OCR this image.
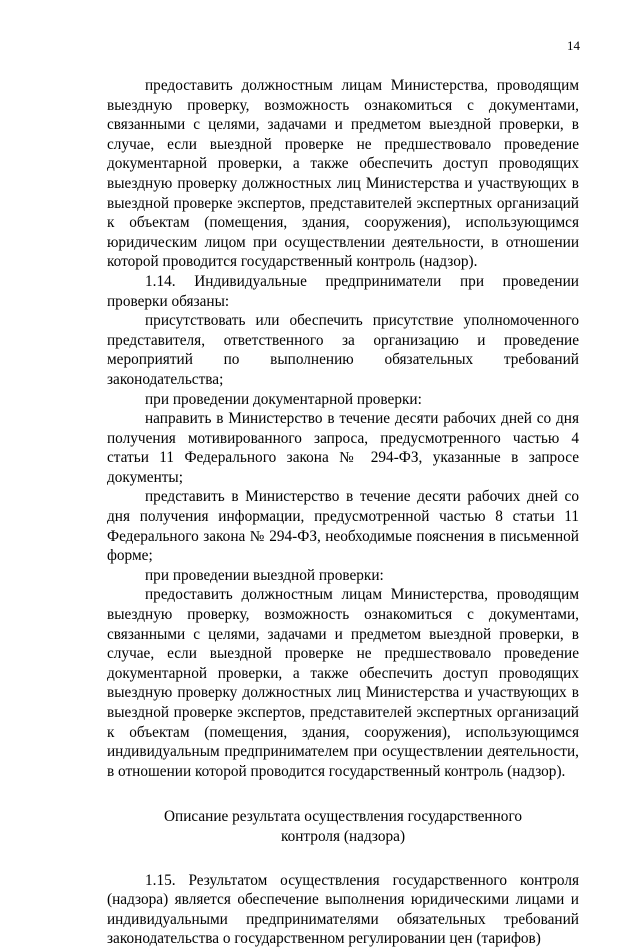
14

предоставить должностным лицам Министерства, проводящим выездную проверку, возможность ознакомиться с документами, связанными с целями, задачами и предметом выездной проверки, в случае, если выездной проверке не предшествовало проведение документарной проверки, а также обеспечить доступ проводящих выездную проверку должностных лиц Министерства и участвующих в выездной проверке экспертов, представителей экспертных организаций к объектам (помещения, здания, сооружения), использующимся юридическим лицом при осуществлении деятельности, в отношении которой проводится государственный контроль (надзор).

1.14. Индивидуальные предприниматели при проведении проверки обязаны:

присутствовать или обеспечить присутствие уполномоченного представителя, ответственного за организацию и проведение мероприятий по выполнению обязательных требований законодательства;

при проведении документарной проверки:

направить в Министерство в течение десяти рабочих дней со дня получения мотивированного запроса, предусмотренного частью 4 статьи 11 Федерального закона № 294-ФЗ, указанные в запросе документы;

представить в Министерство в течение десяти рабочих дней со дня получения информации, предусмотренной частью 8 статьи 11 Федерального закона № 294-ФЗ, необходимые пояснения в письменной форме;

при проведении выездной проверки:

предоставить должностным лицам Министерства, проводящим выездную проверку, возможность ознакомиться с документами, связанными с целями, задачами и предметом выездной проверки, в случае, если выездной проверке не предшествовало проведение документарной проверки, а также обеспечить доступ проводящих выездную проверку должностных лиц Министерства и участвующих в выездной проверке экспертов, представителей экспертных организаций к объектам (помещения, здания, сооружения), использующимся индивидуальным предпринимателем при осуществлении деятельности, в отношении которой проводится государственный контроль (надзор).

Описание результата осуществления государственного
контроля (надзора)

1.15. Результатом осуществления государственного контроля (надзора) является обеспечение выполнения юридическими лицами и индивидуальными предпринимателями обязательных требований законодательства о государственном регулировании цен (тарифов)
